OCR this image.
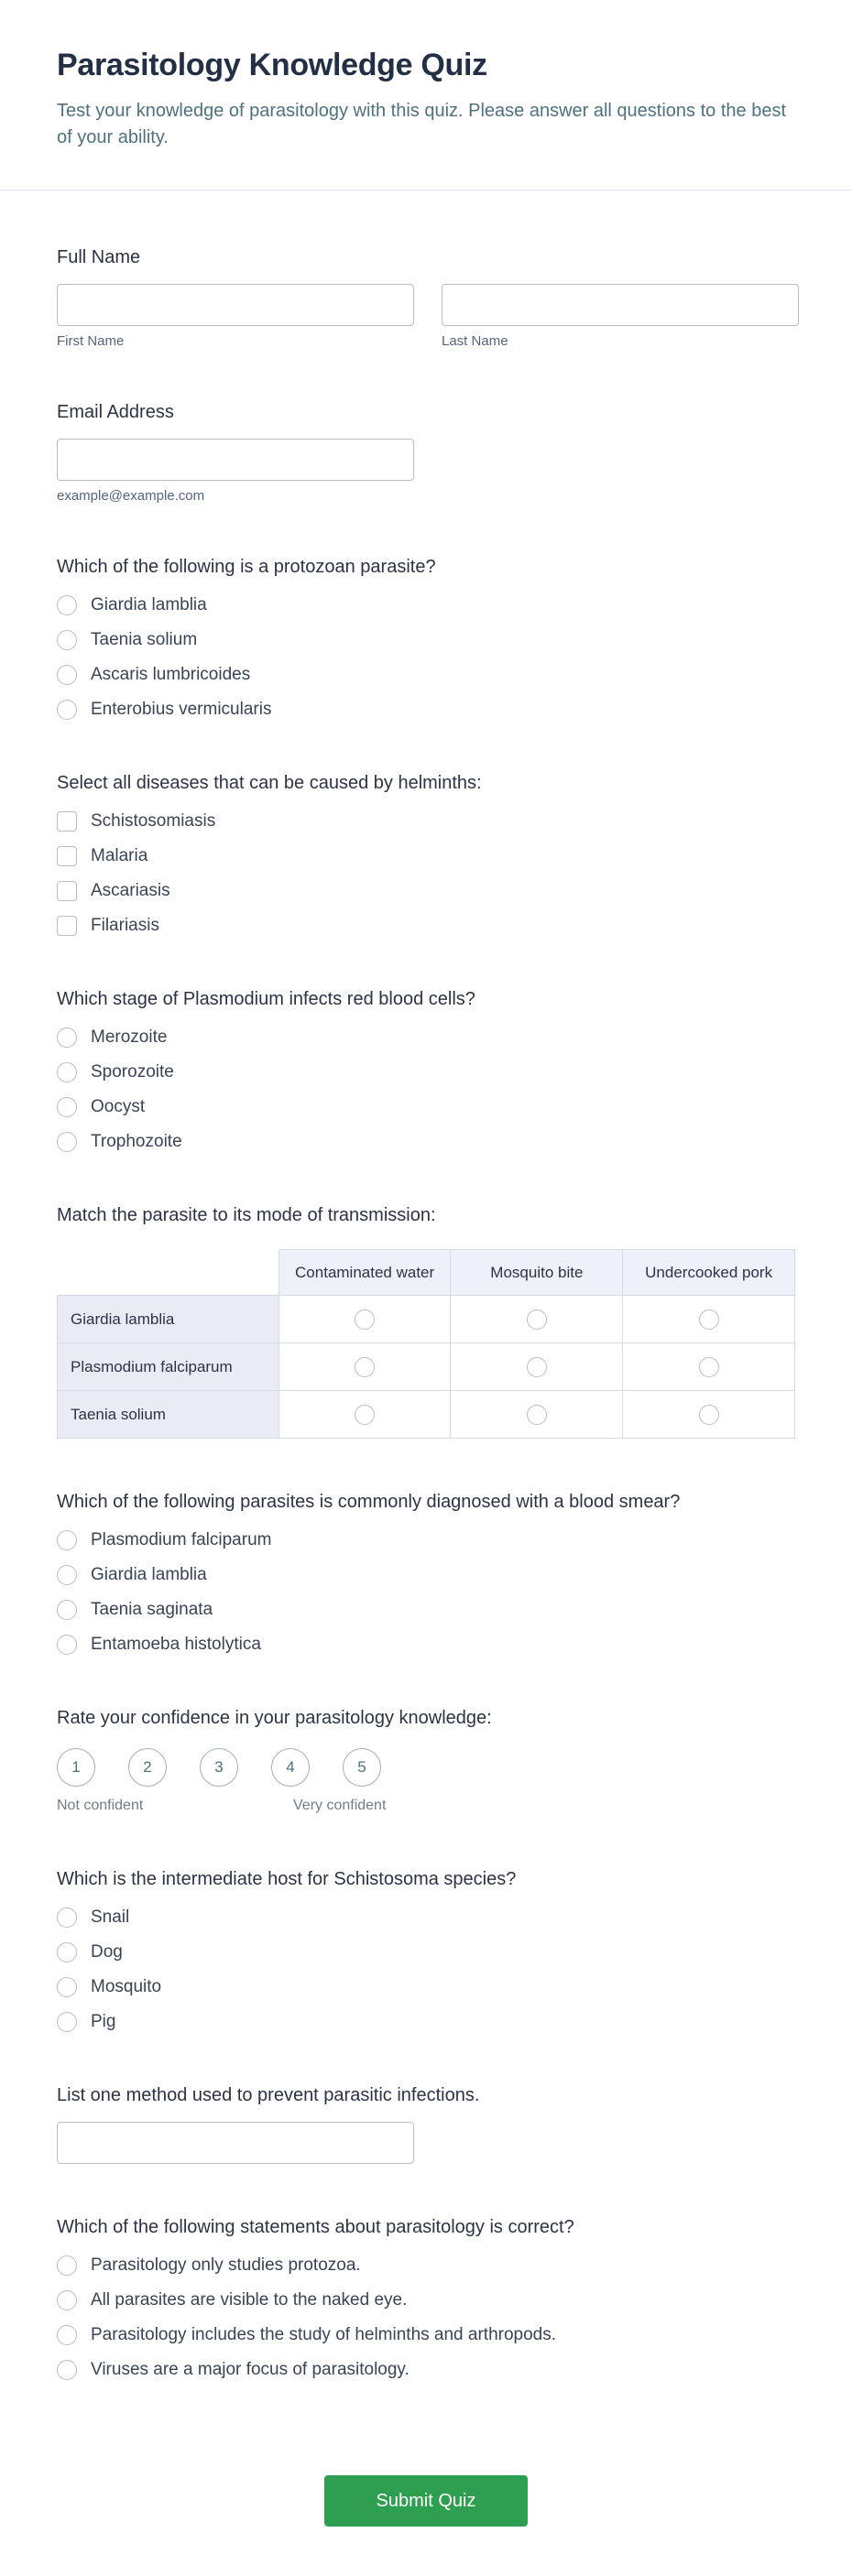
Parasitology Knowledge Quiz

Test your knowledge of parasitology with this quiz. Please answer all questions to the best of your ability.

Full Name
First Name	Last Name
Email Address
example@example.com
Which of the following is a protozoan parasite?
Giardia lamblia
Taenia solium
Ascaris lumbricoides
Enterobius vermicularis
Select all diseases that can be caused by helminths:
Schistosomiasis
Malaria
Ascariasis
Filariasis
Which stage of Plasmodium infects red blood cells?
Merozoite
Sporozoite
Oocyst
Trophozoite
Match the parasite to its mode of transmission:
	Contaminated water	Mosquito bite	Undercooked pork
Giardia lamblia			
Plasmodium falciparum			
Taenia solium			
Which of the following parasites is commonly diagnosed with a blood smear?
Plasmodium falciparum
Giardia lamblia
Taenia saginata
Entamoeba histolytica
Rate your confidence in your parasitology knowledge:
1	2	3	4	5
Not confident	Very confident
Which is the intermediate host for Schistosoma species?
Snail
Dog
Mosquito
Pig
List one method used to prevent parasitic infections.
Which of the following statements about parasitology is correct?
Parasitology only studies protozoa.
All parasites are visible to the naked eye.
Parasitology includes the study of helminths and arthropods.
Viruses are a major focus of parasitology.
Submit Quiz
